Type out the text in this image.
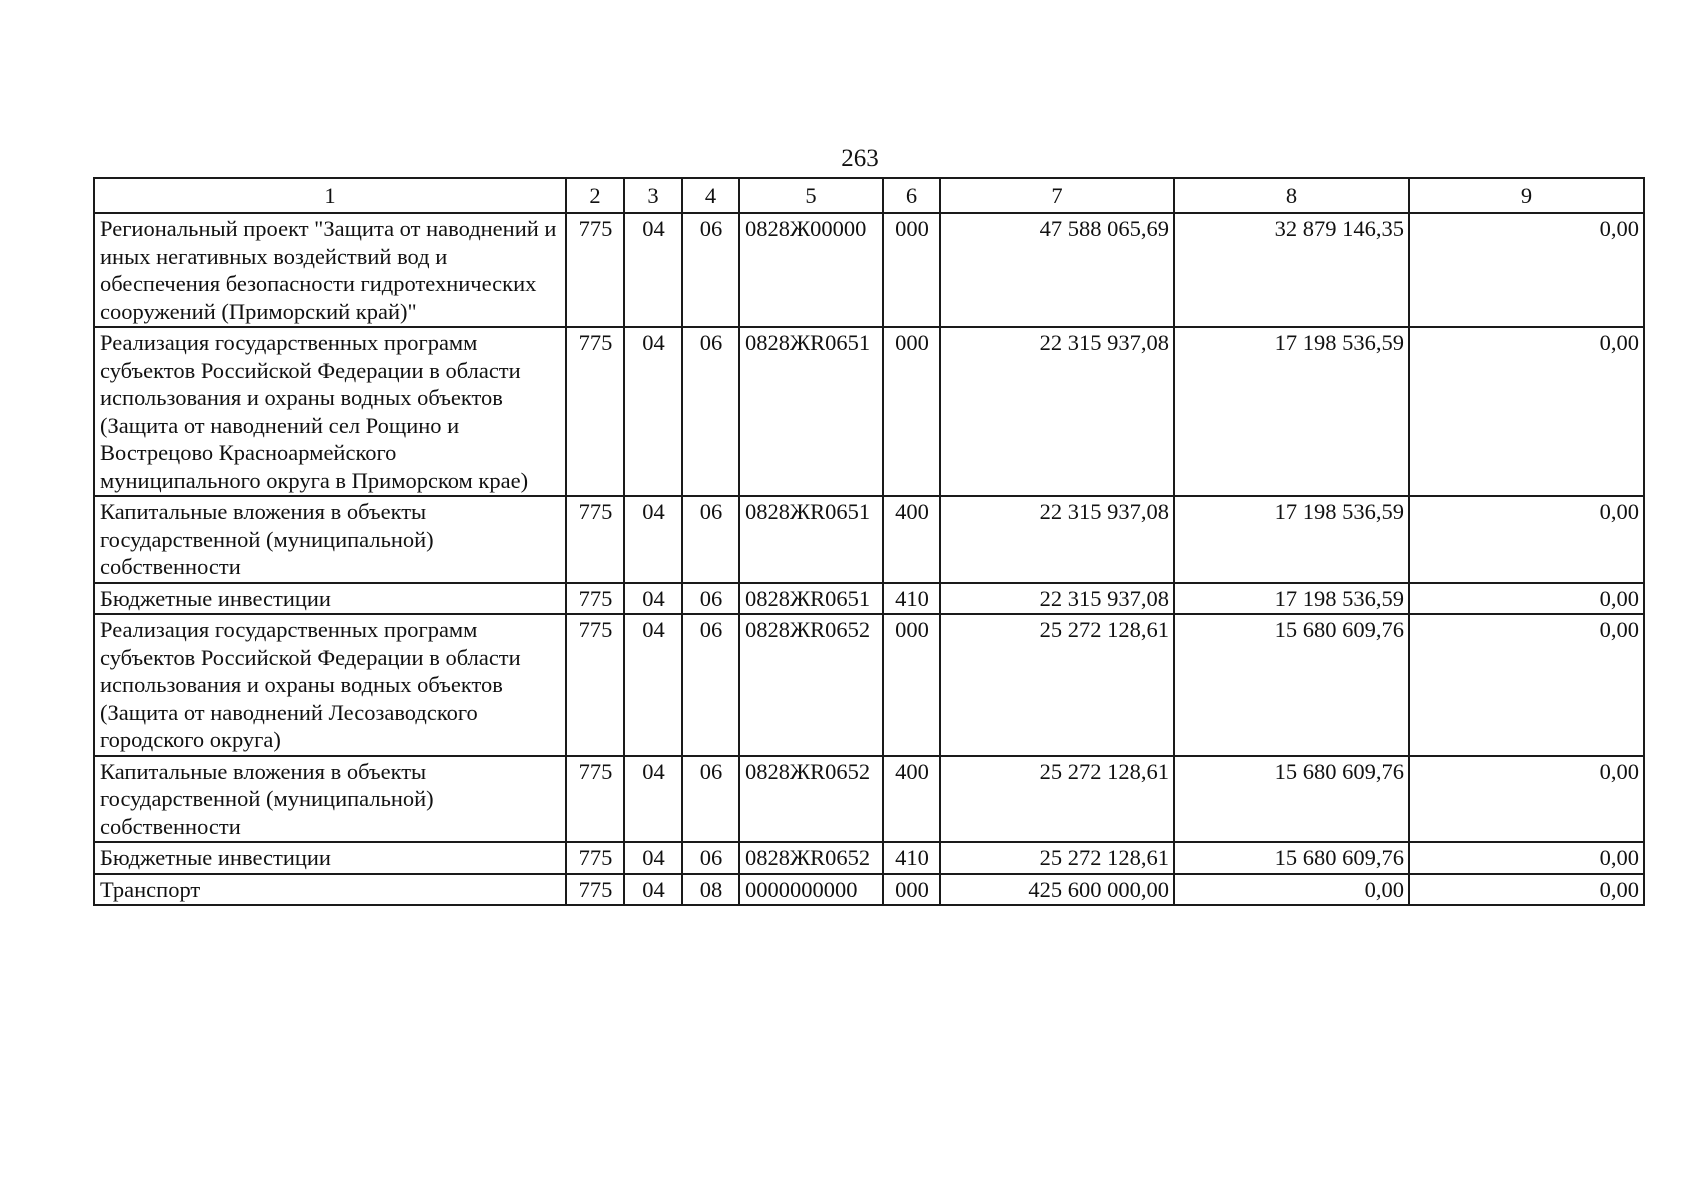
263
1	2	3	4	5	6	7	8	9
Региональный проект "Защита от наводнений и иных негативных воздействий вод и обеспечения безопасности гидротехнических сооружений (Приморский край)"	775	04	06	0828Ж00000	000	47 588 065,69	32 879 146,35	0,00
Реализация государственных программ субъектов Российской Федерации в области использования и охраны водных объектов (Защита от наводнений сел Рощино и Вострецово Красноармейского муниципального округа в Приморском крае)	775	04	06	0828ЖR0651	000	22 315 937,08	17 198 536,59	0,00
Капитальные вложения в объекты государственной (муниципальной) собственности	775	04	06	0828ЖR0651	400	22 315 937,08	17 198 536,59	0,00
Бюджетные инвестиции	775	04	06	0828ЖR0651	410	22 315 937,08	17 198 536,59	0,00
Реализация государственных программ субъектов Российской Федерации в области использования и охраны водных объектов (Защита от наводнений Лесозаводского городского округа)	775	04	06	0828ЖR0652	000	25 272 128,61	15 680 609,76	0,00
Капитальные вложения в объекты государственной (муниципальной) собственности	775	04	06	0828ЖR0652	400	25 272 128,61	15 680 609,76	0,00
Бюджетные инвестиции	775	04	06	0828ЖR0652	410	25 272 128,61	15 680 609,76	0,00
Транспорт	775	04	08	0000000000	000	425 600 000,00	0,00	0,00
